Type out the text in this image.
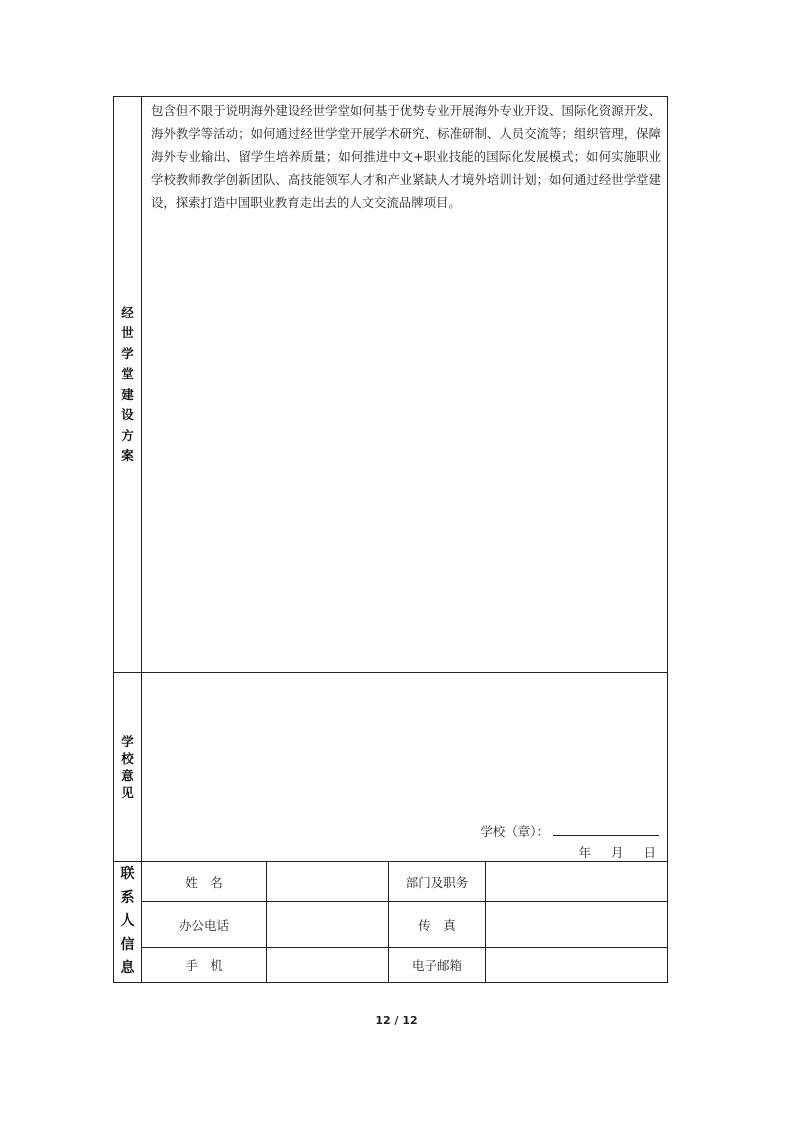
经世学堂建设方案	包含但不限于说明海外建设经世学堂如何基于优势专业开展海外专业开设、国际化资源开发、海外教学等活动；如何通过经世学堂开展学术研究、标准研制、人员交流等；组织管理，保障海外专业输出、留学生培养质量；如何推进中文+职业技能的国际化发展模式；如何实施职业学校教师教学创新团队、高技能领军人才和产业紧缺人才境外培训计划；如何通过经世学堂建设，探索打造中国职业教育走出去的人文交流品牌项目。			
学校意见	学校（章）：
年 月 日			

联系人信息	姓　名		部门及职务	
	办公电话		传　真	
	手　机		电子邮箱	
12 / 12
